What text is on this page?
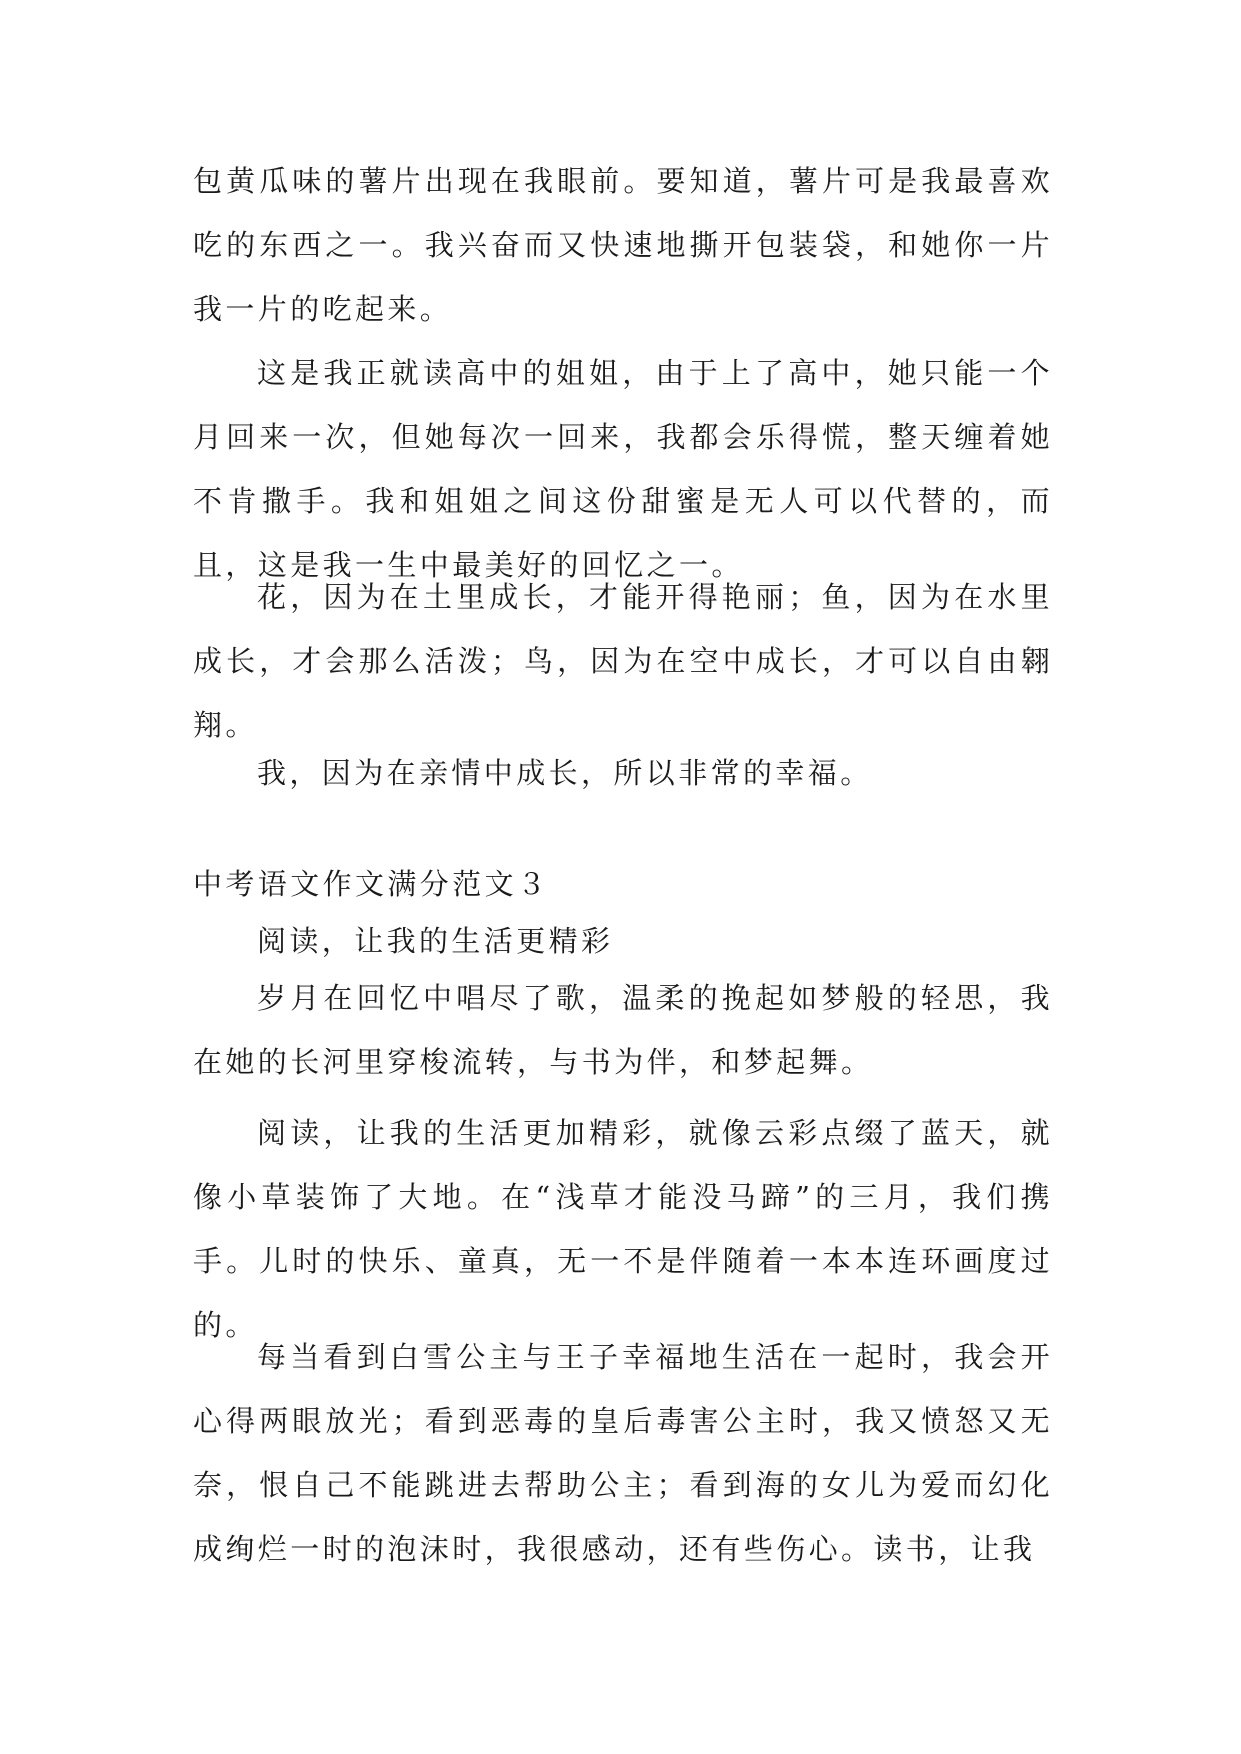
包黄瓜味的薯片出现在我眼前。要知道，薯片可是我最喜欢吃的东西之一。我兴奋而又快速地撕开包装袋，和她你一片我一片的吃起来。

这是我正就读高中的姐姐，由于上了高中，她只能一个月回来一次，但她每次一回来，我都会乐得慌，整天缠着她不肯撒手。我和姐姐之间这份甜蜜是无人可以代替的，而且，这是我一生中最美好的回忆之一。

花，因为在土里成长，才能开得艳丽；鱼，因为在水里成长，才会那么活泼；鸟，因为在空中成长，才可以自由翱翔。

我，因为在亲情中成长，所以非常的幸福。

中考语文作文满分范文３

阅读，让我的生活更精彩

岁月在回忆中唱尽了歌，温柔的挽起如梦般的轻思，我在她的长河里穿梭流转，与书为伴，和梦起舞。

阅读，让我的生活更加精彩，就像云彩点缀了蓝天，就像小草装饰了大地。在“浅草才能没马蹄”的三月，我们携手。儿时的快乐、童真，无一不是伴随着一本本连环画度过的。

每当看到白雪公主与王子幸福地生活在一起时，我会开心得两眼放光；看到恶毒的皇后毒害公主时，我又愤怒又无奈，恨自己不能跳进去帮助公主；看到海的女儿为爱而幻化成绚烂一时的泡沫时，我很感动，还有些伤心。读书，让我
